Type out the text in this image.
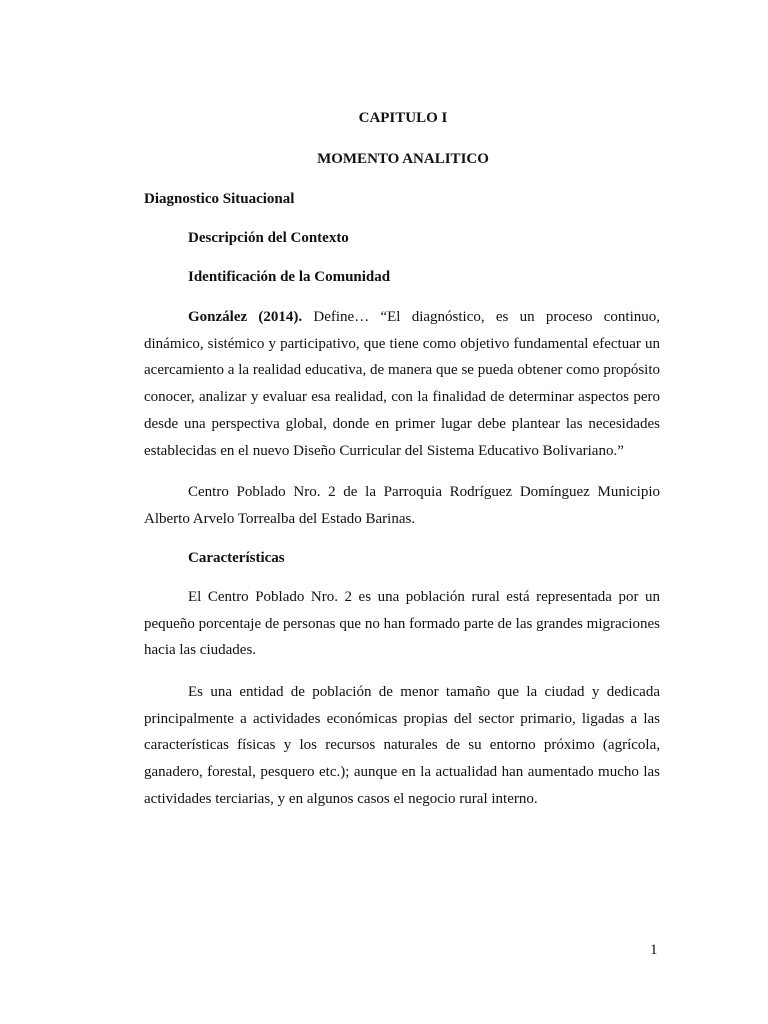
CAPITULO I
MOMENTO ANALITICO
Diagnostico Situacional
Descripción del Contexto
Identificación de la Comunidad

González (2014). Define… “El diagnóstico, es un proceso continuo, dinámico, sistémico y participativo, que tiene como objetivo fundamental efectuar un acercamiento a la realidad educativa, de manera que se pueda obtener como propósito conocer, analizar y evaluar esa realidad, con la finalidad de determinar aspectos pero desde una perspectiva global, donde en primer lugar debe plantear las necesidades establecidas en el nuevo Diseño Curricular del Sistema Educativo Bolivariano.”

Centro Poblado Nro. 2 de la Parroquia Rodríguez Domínguez Municipio Alberto Arvelo Torrealba del Estado Barinas.

Características

El Centro Poblado Nro. 2 es una población rural está representada por un pequeño porcentaje de personas que no han formado parte de las grandes migraciones hacia las ciudades.

Es una entidad de población de menor tamaño que la ciudad y dedicada principalmente a actividades económicas propias del sector primario, ligadas a las características físicas y los recursos naturales de su entorno próximo (agrícola, ganadero, forestal, pesquero etc.); aunque en la actualidad han aumentado mucho las actividades terciarias, y en algunos casos el negocio rural interno.

1
